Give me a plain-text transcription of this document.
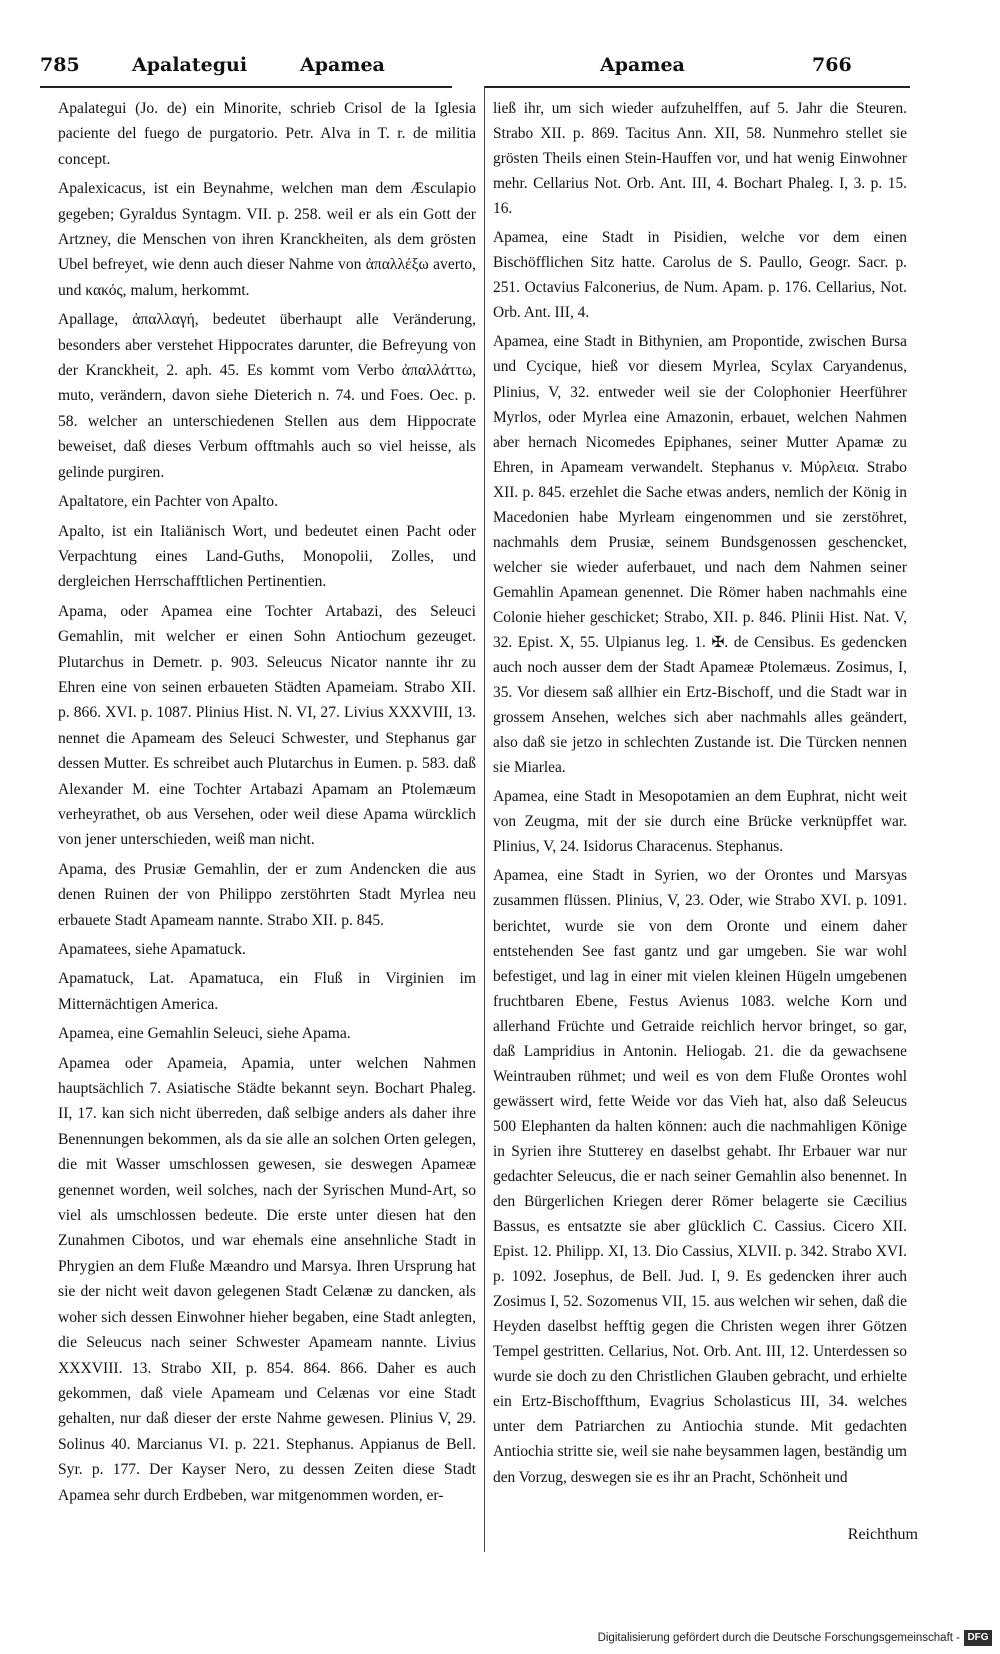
785	Apalategui	Apamea	Apamea	766

Apalategui (Jo. de) ein Minorite, schrieb Crisol de la Iglesia paciente del fuego de purgatorio. Petr. Alva in T. r. de militia concept.

Apalexicacus, ist ein Beynahme, welchen man dem Æsculapio gegeben; Gyraldus Syntagm. VII. p. 258. weil er als ein Gott der Artzney, die Menschen von ihren Kranckheiten, als dem grösten Ubel befreyet, wie denn auch dieser Nahme von ἀπαλλέξω averto, und κακός, malum, herkommt.

Apallage, ἀπαλλαγή, bedeutet überhaupt alle Veränderung, besonders aber verstehet Hippocrates darunter, die Befreyung von der Kranckheit, 2. aph. 45. Es kommt vom Verbo ἀπαλλάττω, muto, verändern, davon siehe Dieterich n. 74. und Foes. Oec. p. 58. welcher an unterschiedenen Stellen aus dem Hippocrate beweiset, daß dieses Verbum offtmahls auch so viel heisse, als gelinde purgiren.

Apaltatore, ein Pachter von Apalto.

Apalto, ist ein Italiänisch Wort, und bedeutet einen Pacht oder Verpachtung eines Land-Guths, Monopolii, Zolles, und dergleichen Herrschafftlichen Pertinentien.

Apama, oder Apamea eine Tochter Artabazi, des Seleuci Gemahlin, mit welcher er einen Sohn Antiochum gezeuget. Plutarchus in Demetr. p. 903. Seleucus Nicator nannte ihr zu Ehren eine von seinen erbaueten Städten Apameiam. Strabo XII. p. 866. XVI. p. 1087. Plinius Hist. N. VI, 27. Livius XXXVIII, 13. nennet die Apameam des Seleuci Schwester, und Stephanus gar dessen Mutter. Es schreibet auch Plutarchus in Eumen. p. 583. daß Alexander M. eine Tochter Artabazi Apamam an Ptolemæum verheyrathet, ob aus Versehen, oder weil diese Apama würcklich von jener unterschieden, weiß man nicht.

Apama, des Prusiæ Gemahlin, der er zum Andencken die aus denen Ruinen der von Philippo zerstöhrten Stadt Myrlea neu erbauete Stadt Apameam nannte. Strabo XII. p. 845.

Apamatees, siehe Apamatuck.

Apamatuck, Lat. Apamatuca, ein Fluß in Virginien im Mitternächtigen America.

Apamea, eine Gemahlin Seleuci, siehe Apama.

Apamea oder Apameia, Apamia, unter welchen Nahmen hauptsächlich 7. Asiatische Städte bekannt seyn. Bochart Phaleg. II, 17. kan sich nicht überreden, daß selbige anders als daher ihre Benennungen bekommen, als da sie alle an solchen Orten gelegen, die mit Wasser umschlossen gewesen, sie deswegen Apameæ genennet worden, weil solches, nach der Syrischen Mund-Art, so viel als umschlossen bedeute. Die erste unter diesen hat den Zunahmen Cibotos, und war ehemals eine ansehnliche Stadt in Phrygien an dem Fluße Mæandro und Marsya. Ihren Ursprung hat sie der nicht weit davon gelegenen Stadt Celænæ zu dancken, als woher sich dessen Einwohner hieher begaben, eine Stadt anlegten, die Seleucus nach seiner Schwester Apameam nannte. Livius XXXVIII. 13. Strabo XII, p. 854. 864. 866. Daher es auch gekommen, daß viele Apameam und Celænas vor eine Stadt gehalten, nur daß dieser der erste Nahme gewesen. Plinius V, 29. Solinus 40. Marcianus VI. p. 221. Stephanus. Appianus de Bell. Syr. p. 177. Der Kayser Nero, zu dessen Zeiten diese Stadt Apamea sehr durch Erdbeben, war mitgenommen worden, er-

ließ ihr, um sich wieder aufzuhelffen, auf 5. Jahr die Steuren. Strabo XII. p. 869. Tacitus Ann. XII, 58. Nunmehro stellet sie grösten Theils einen Stein-Hauffen vor, und hat wenig Einwohner mehr. Cellarius Not. Orb. Ant. III, 4. Bochart Phaleg. I, 3. p. 15. 16.

Apamea, eine Stadt in Pisidien, welche vor dem einen Bischöfflichen Sitz hatte. Carolus de S. Paullo, Geogr. Sacr. p. 251. Octavius Falconerius, de Num. Apam. p. 176. Cellarius, Not. Orb. Ant. III, 4.

Apamea, eine Stadt in Bithynien, am Propontide, zwischen Bursa und Cycique, hieß vor diesem Myrlea, Scylax Caryandenus, Plinius, V, 32. entweder weil sie der Colophonier Heerführer Myrlos, oder Myrlea eine Amazonin, erbauet, welchen Nahmen aber hernach Nicomedes Epiphanes, seiner Mutter Apamæ zu Ehren, in Apameam verwandelt. Stephanus v. Μύρλεια. Strabo XII. p. 845. erzehlet die Sache etwas anders, nemlich der König in Macedonien habe Myrleam eingenommen und sie zerstöhret, nachmahls dem Prusiæ, seinem Bundsgenossen geschencket, welcher sie wieder auferbauet, und nach dem Nahmen seiner Gemahlin Apamean genennet. Die Römer haben nachmahls eine Colonie hieher geschicket; Strabo, XII. p. 846. Plinii Hist. Nat. V, 32. Epist. X, 55. Ulpianus leg. 1. ✠. de Censibus. Es gedencken auch noch ausser dem der Stadt Apameæ Ptolemæus. Zosimus, I, 35. Vor diesem saß allhier ein Ertz-Bischoff, und die Stadt war in grossem Ansehen, welches sich aber nachmahls alles geändert, also daß sie jetzo in schlechten Zustande ist. Die Türcken nennen sie Miarlea.

Apamea, eine Stadt in Mesopotamien an dem Euphrat, nicht weit von Zeugma, mit der sie durch eine Brücke verknüpffet war. Plinius, V, 24. Isidorus Characenus. Stephanus.

Apamea, eine Stadt in Syrien, wo der Orontes und Marsyas zusammen flüssen. Plinius, V, 23. Oder, wie Strabo XVI. p. 1091. berichtet, wurde sie von dem Oronte und einem daher entstehenden See fast gantz und gar umgeben. Sie war wohl befestiget, und lag in einer mit vielen kleinen Hügeln umgebenen fruchtbaren Ebene, Festus Avienus 1083. welche Korn und allerhand Früchte und Getraide reichlich hervor bringet, so gar, daß Lampridius in Antonin. Heliogab. 21. die da gewachsene Weintrauben rühmet; und weil es von dem Fluße Orontes wohl gewässert wird, fette Weide vor das Vieh hat, also daß Seleucus 500 Elephanten da halten können: auch die nachmahligen Könige in Syrien ihre Stutterey en daselbst gehabt. Ihr Erbauer war nur gedachter Seleucus, die er nach seiner Gemahlin also benennet. In den Bürgerlichen Kriegen derer Römer belagerte sie Cæcilius Bassus, es entsatzte sie aber glücklich C. Cassius. Cicero XII. Epist. 12. Philipp. XI, 13. Dio Cassius, XLVII. p. 342. Strabo XVI. p. 1092. Josephus, de Bell. Jud. I, 9. Es gedencken ihrer auch Zosimus I, 52. Sozomenus VII, 15. aus welchen wir sehen, daß die Heyden daselbst hefftig gegen die Christen wegen ihrer Götzen Tempel gestritten. Cellarius, Not. Orb. Ant. III, 12. Unterdessen so wurde sie doch zu den Christlichen Glauben gebracht, und erhielte ein Ertz-Bischoffthum, Evagrius Scholasticus III, 34. welches unter dem Patriarchen zu Antiochia stunde. Mit gedachten Antiochia stritte sie, weil sie nahe beysammen lagen, beständig um den Vorzug, deswegen sie es ihr an Pracht, Schönheit und

Reichthum
Digitalisierung gefördert durch die Deutsche Forschungsgemeinschaft - DFG
